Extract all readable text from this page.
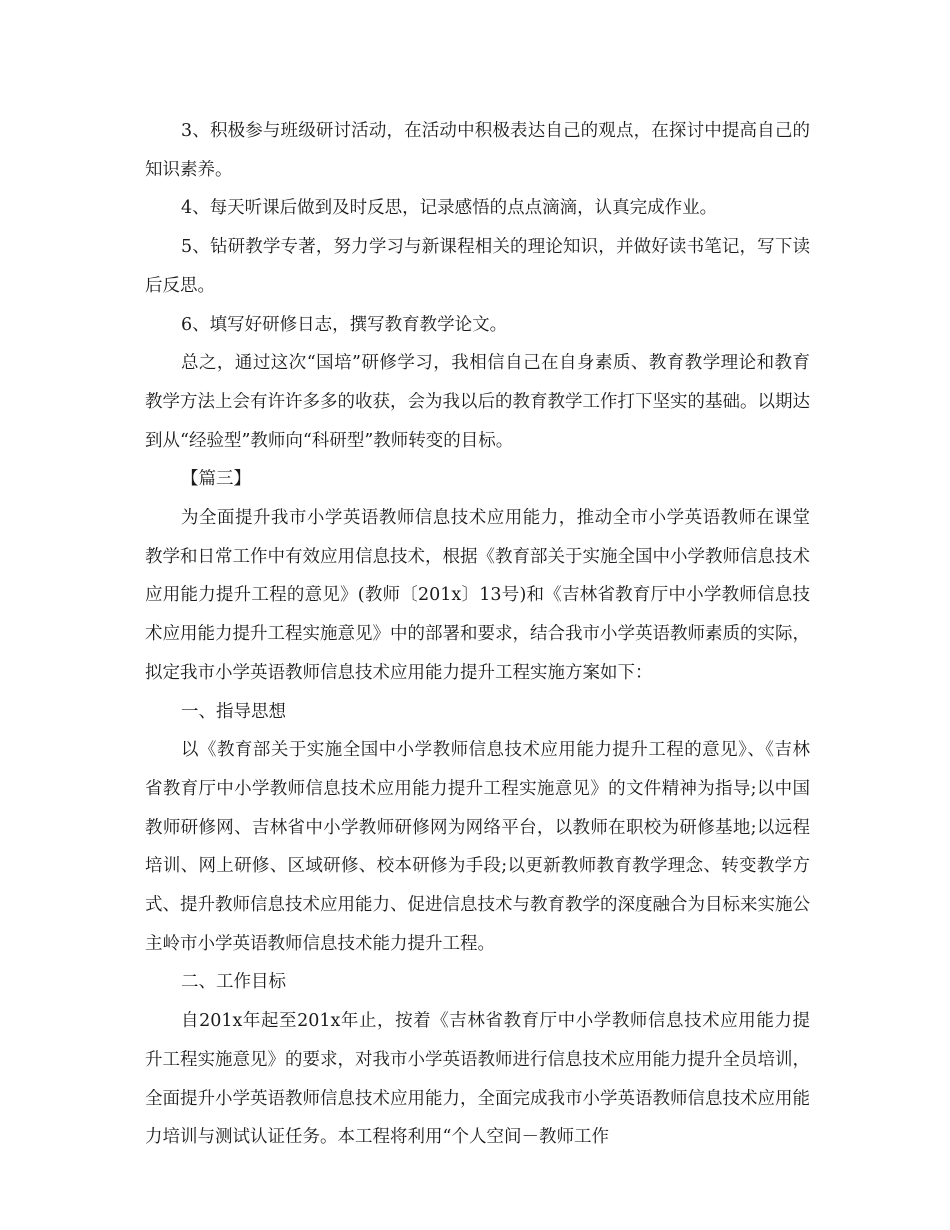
3、积极参与班级研讨活动，在活动中积极表达自己的观点，在探讨中提高自己的知识素养。

4、每天听课后做到及时反思，记录感悟的点点滴滴，认真完成作业。

5、钻研教学专著，努力学习与新课程相关的理论知识，并做好读书笔记，写下读后反思。

6、填写好研修日志，撰写教育教学论文。

总之，通过这次“国培”研修学习，我相信自己在自身素质、教育教学理论和教育教学方法上会有许许多多的收获，会为我以后的教育教学工作打下坚实的基础。以期达到从“经验型”教师向“科研型”教师转变的目标。

【篇三】

为全面提升我市小学英语教师信息技术应用能力，推动全市小学英语教师在课堂教学和日常工作中有效应用信息技术，根据《教育部关于实施全国中小学教师信息技术应用能力提升工程的意见》(教师〔201x〕13号)和《吉林省教育厅中小学教师信息技术应用能力提升工程实施意见》中的部署和要求，结合我市小学英语教师素质的实际，拟定我市小学英语教师信息技术应用能力提升工程实施方案如下：

一、指导思想

以《教育部关于实施全国中小学教师信息技术应用能力提升工程的意见》、《吉林省教育厅中小学教师信息技术应用能力提升工程实施意见》的文件精神为指导;以中国教师研修网、吉林省中小学教师研修网为网络平台，以教师在职校为研修基地;以远程培训、网上研修、区域研修、校本研修为手段;以更新教师教育教学理念、转变教学方式、提升教师信息技术应用能力、促进信息技术与教育教学的深度融合为目标来实施公主岭市小学英语教师信息技术能力提升工程。

二、工作目标

自201x年起至201x年止，按着《吉林省教育厅中小学教师信息技术应用能力提升工程实施意见》的要求，对我市小学英语教师进行信息技术应用能力提升全员培训，全面提升小学英语教师信息技术应用能力，全面完成我市小学英语教师信息技术应用能力培训与测试认证任务。本工程将利用“个人空间－教师工作
